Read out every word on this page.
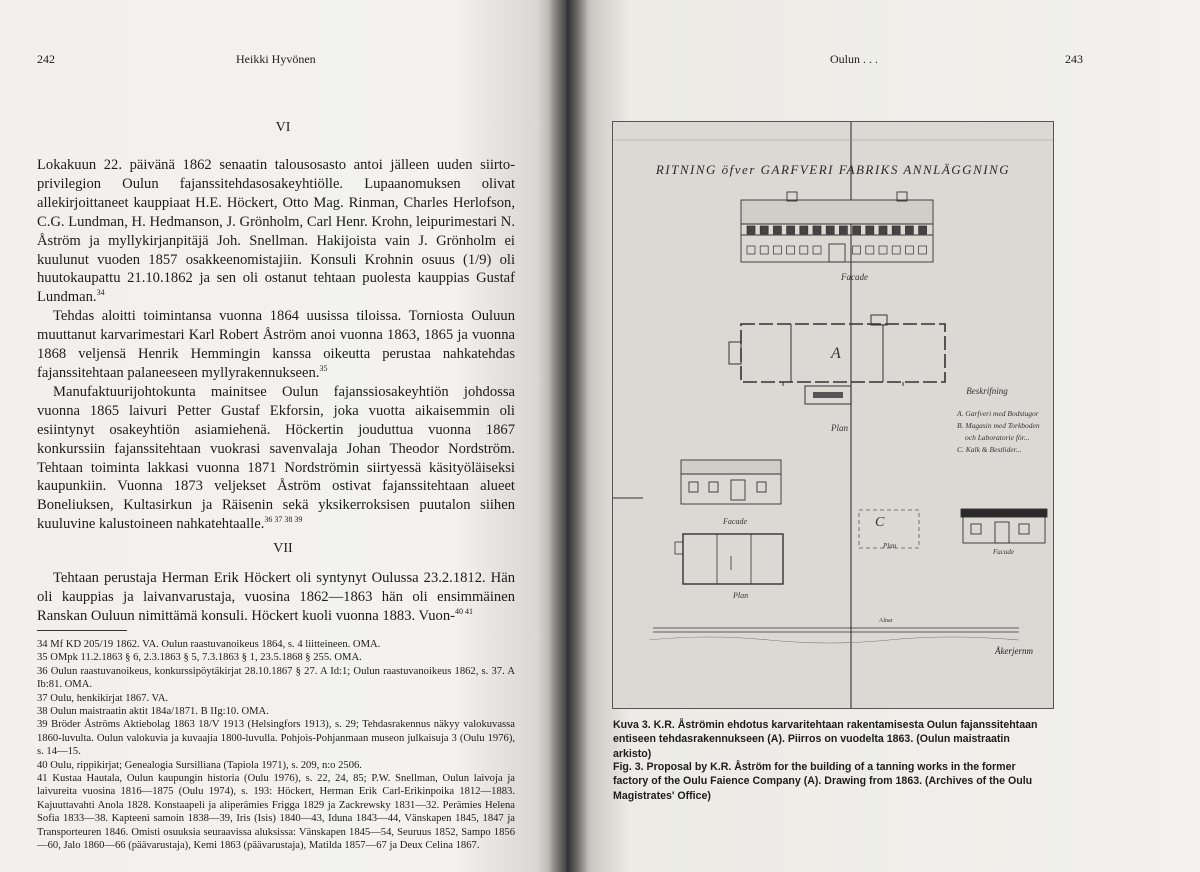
242	Heikki Hyvönen
VI

Lokakuun 22. päivänä 1862 senaatin talousosasto antoi jälleen uuden siirto-privilegion Oulun fajanssitehdasosakeyhtiölle. Lupaanomuksen olivat allekirjoittaneet kauppiaat H.E. Höckert, Otto Mag. Rinman, Charles Herlofson, C.G. Lundman, H. Hedmanson, J. Grönholm, Carl Henr. Krohn, leipurimestari N. Åström ja myllykirjanpitäjä Joh. Snellman. Hakijoista vain J. Grönholm ei kuulunut vuoden 1857 osakkeenomistajiin. Konsuli Krohnin osuus (1/9) oli huutokaupattu 21.10.1862 ja sen oli ostanut tehtaan puolesta kauppias Gustaf Lundman.$^{34}$

Tehdas aloitti toimintansa vuonna 1864 uusissa tiloissa. Torniosta Ouluun muuttanut karvarimestari Karl Robert Åström anoi vuonna 1863, 1865 ja vuonna 1868 veljensä Henrik Hemmingin kanssa oikeutta perustaa nahkatehdas fajanssitehtaan palaneeseen myllyrakennukseen.$^{35}$

Manufaktuurijohtokunta mainitsee Oulun fajanssiosakeyhtiön johdossa vuonna 1865 laivuri Petter Gustaf Ekforsin, joka vuotta aikaisemmin oli esiintynyt osakeyhtiön asiamiehenä. Höckertin jouduttua vuonna 1867 konkurssiin fajanssitehtaan vuokrasi savenvalaja Johan Theodor Nordström. Tehtaan toiminta lakkasi vuonna 1871 Nordströmin siirtyessä käsityöläiseksi kaupunkiin. Vuonna 1873 veljekset Åström ostivat fajanssitehtaan alueet Boneliuksen, Kultasirkun ja Räisenin sekä yksikerroksisen puutalon siihen kuuluvine kalustoineen nahkatehtaalle.$^{36 37 38 39}$

VII

Tehtaan perustaja Herman Erik Höckert oli syntynyt Oulussa 23.2.1812. Hän oli kauppias ja laivanvarustaja, vuosina 1862—1863 hän oli ensimmäinen Ranskan Ouluun nimittämä konsuli. Höckert kuoli vuonna 1883. Vuon-$^{40 41}$

34 Mf KD 205/19 1862. VA. Oulun raastuvanoikeus 1864, s. 4 liitteineen. OMA.
35 OMpk 11.2.1863 § 6, 2.3.1863 § 5, 7.3.1863 § 1, 23.5.1868 § 255. OMA.
36 Oulun raastuvanoikeus, konkurssipöytäkirjat 28.10.1867 § 27. A Id:1; Oulun raastuvanoikeus 1862, s. 37. A Ib:81. OMA.
37 Oulu, henkikirjat 1867. VA.
38 Oulun maistraatin aktit 184a/1871. B IIg:10. OMA.
39 Bröder Åströms Aktiebolag 1863 18/V 1913 (Helsingfors 1913), s. 29; Tehdasrakennus näkyy valokuvassa 1860-luvulta. Oulun valokuvia ja kuvaajia 1800-luvulla. Pohjois-Pohjanmaan museon julkaisuja 3 (Oulu 1976), s. 14—15.
40 Oulu, rippikirjat; Genealogia Sursilliana (Tapiola 1971), s. 209, n:o 2506.
41 Kustaa Hautala, Oulun kaupungin historia (Oulu 1976), s. 22, 24, 85; P.W. Snellman, Oulun laivoja ja laivureita vuosina 1816—1875 (Oulu 1974), s. 193: Höckert, Herman Erik Carl-Erikinpoika 1812—1883. Kajuuttavahti Anola 1828. Konstaapeli ja aliperämies Frigga 1829 ja Zackrewsky 1831—32. Perämies Helena Sofia 1833—38. Kapteeni samoin 1838—39, Iris (Isis) 1840—43, Iduna 1843—44, Vänskapen 1845, 1847 ja Transporteuren 1846. Omisti osuuksia seuraavissa aluksissa: Vänskapen 1845—54, Seuruus 1852, Sampo 1856—60, Jalo 1860—66 (päävarustaja), Kemi 1863 (päävarustaja), Matilda 1857—67 ja Deux Celina 1867.
Oulun . . .	243
RITNING öfver GARFVERI FABRIKS ANNLÄGGNING
Facade
A
Plan
Beskrifning
A. Garfveri med Bodstugor
B. Magasin med Torkboden
och Laboratorie för...
C. Kalk & Bestlider...
Facade
Plan
C
Plan
Facade
Alnar
Åkerjernm
Kuva 3. K.R. Åströmin ehdotus karvaritehtaan rakentamisesta Oulun fajanssitehtaan entiseen tehdasrakennukseen (A). Piirros on vuodelta 1863. (Oulun maistraatin arkisto)
Fig. 3. Proposal by K.R. Åström for the building of a tanning works in the former factory of the Oulu Faience Company (A). Drawing from 1863. (Archives of the Oulu Magistrates' Office)
